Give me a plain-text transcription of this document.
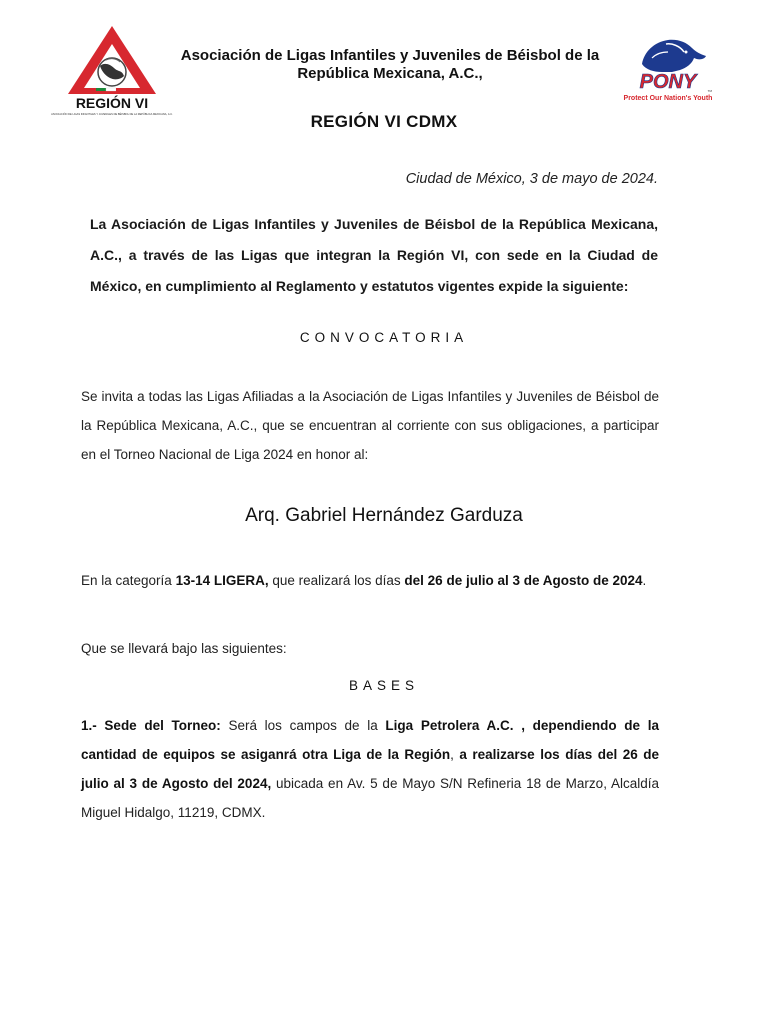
REGIÓN VI
ASOCIACIÓN DE LIGAS INFANTILES Y JUVENILES DE BÉISBOL DE LA REPÚBLICA MEXICANA, A.C.
PONY	TM
Protect Our Nation's Youth
Asociación de Ligas Infantiles y Juveniles de Béisbol de la República Mexicana, A.C.,
REGIÓN VI CDMX
Ciudad de México, 3 de mayo de 2024.
La Asociación de Ligas Infantiles y Juveniles de Béisbol de la República Mexicana, A.C., a través de las Ligas que integran la Región VI, con sede en la Ciudad de México, en cumplimiento al Reglamento y estatutos vigentes expide la siguiente:
CONVOCATORIA
Se invita a todas las Ligas Afiliadas a la Asociación de Ligas Infantiles y Juveniles de Béisbol de la República Mexicana, A.C., que se encuentran al corriente con sus obligaciones, a participar en el Torneo Nacional de Liga 2024 en honor al:
Arq. Gabriel Hernández Garduza
En la categoría 13-14 LIGERA, que realizará los días del 26 de julio al 3 de Agosto de 2024.
Que se llevará bajo las siguientes:
BASES
1.- Sede del Torneo: Será los campos de la Liga Petrolera A.C. , dependiendo de la cantidad de equipos se asiganrá otra Liga de la Región, a realizarse los días del 26 de julio al 3 de Agosto del 2024, ubicada en Av. 5 de Mayo S/N Refineria 18 de Marzo, Alcaldía Miguel Hidalgo, 11219, CDMX.
